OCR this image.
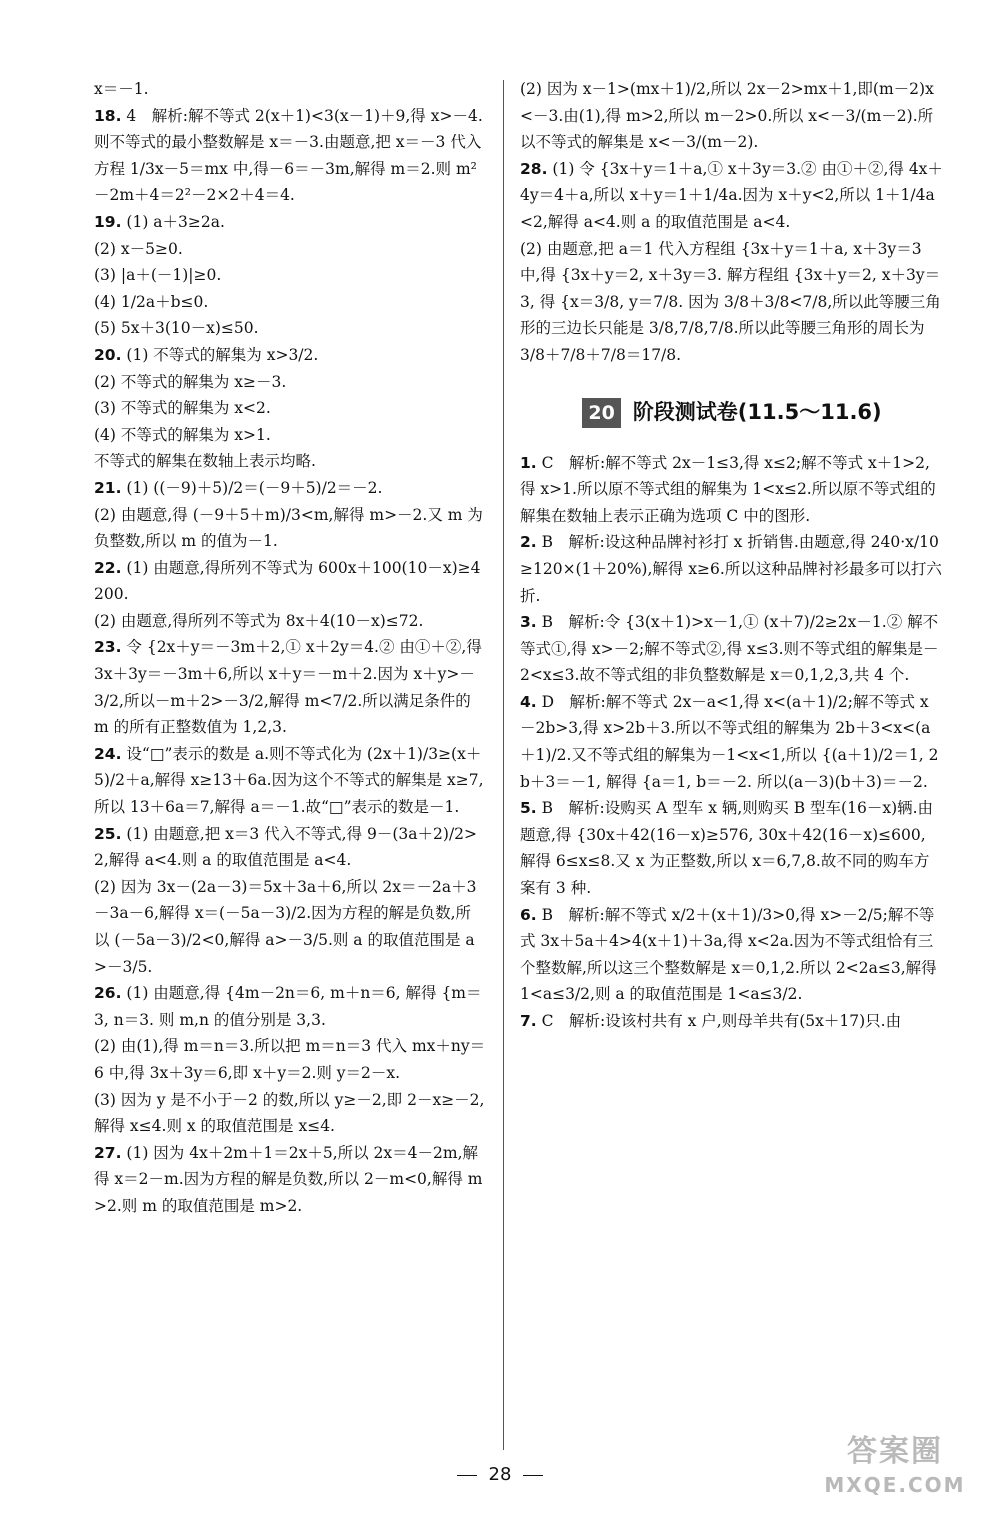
x＝－1.
18. 4　解析:解不等式 2(x＋1)<3(x－1)＋9,得 x>－4.则不等式的最小整数解是 x＝－3.由题意,把 x＝－3 代入方程 1/3x－5＝mx 中,得－6＝－3m,解得 m＝2.则 m²－2m＋4＝2²－2×2＋4＝4.
19. (1) a＋3≥2a.
(2) x－5≥0.
(3) |a＋(－1)|≥0.
(4) 1/2a＋b≤0.
(5) 5x＋3(10－x)≤50.
20. (1) 不等式的解集为 x>3/2.
(2) 不等式的解集为 x≥－3.
(3) 不等式的解集为 x<2.
(4) 不等式的解集为 x>1.
不等式的解集在数轴上表示均略.
21. (1) ((－9)＋5)/2＝(－9＋5)/2＝－2.
(2) 由题意,得 (－9＋5＋m)/3<m,解得 m>－2.又 m 为负整数,所以 m 的值为－1.
22. (1) 由题意,得所列不等式为 600x＋100(10－x)≥4 200.
(2) 由题意,得所列不等式为 8x＋4(10－x)≤72.
23. 令 {2x＋y＝－3m＋2,① x＋2y＝4.② 由①＋②,得 3x＋3y＝－3m＋6,所以 x＋y＝－m＋2.因为 x＋y>－3/2,所以－m＋2>－3/2,解得 m<7/2.所以满足条件的 m 的所有正整数值为 1,2,3.
24. 设“□”表示的数是 a.则不等式化为 (2x＋1)/3≥(x＋5)/2＋a,解得 x≥13＋6a.因为这个不等式的解集是 x≥7,所以 13＋6a＝7,解得 a＝－1.故“□”表示的数是－1.
25. (1) 由题意,把 x＝3 代入不等式,得 9－(3a＋2)/2>2,解得 a<4.则 a 的取值范围是 a<4.
(2) 因为 3x－(2a－3)＝5x＋3a＋6,所以 2x＝－2a＋3－3a－6,解得 x＝(－5a－3)/2.因为方程的解是负数,所以 (－5a－3)/2<0,解得 a>－3/5.则 a 的取值范围是 a>－3/5.
26. (1) 由题意,得 {4m－2n＝6, m＋n＝6, 解得 {m＝3, n＝3. 则 m,n 的值分别是 3,3.
(2) 由(1),得 m＝n＝3.所以把 m＝n＝3 代入 mx＋ny＝6 中,得 3x＋3y＝6,即 x＋y＝2.则 y＝2－x.
(3) 因为 y 是不小于－2 的数,所以 y≥－2,即 2－x≥－2,解得 x≤4.则 x 的取值范围是 x≤4.
27. (1) 因为 4x＋2m＋1＝2x＋5,所以 2x＝4－2m,解得 x＝2－m.因为方程的解是负数,所以 2－m<0,解得 m>2.则 m 的取值范围是 m>2.
(2) 因为 x－1>(mx＋1)/2,所以 2x－2>mx＋1,即(m－2)x<－3.由(1),得 m>2,所以 m－2>0.所以 x<－3/(m－2).所以不等式的解集是 x<－3/(m－2).
28. (1) 令 {3x＋y＝1＋a,① x＋3y＝3.② 由①＋②,得 4x＋4y＝4＋a,所以 x＋y＝1＋1/4a.因为 x＋y<2,所以 1＋1/4a<2,解得 a<4.则 a 的取值范围是 a<4.
(2) 由题意,把 a＝1 代入方程组 {3x＋y＝1＋a, x＋3y＝3 中,得 {3x＋y＝2, x＋3y＝3. 解方程组 {3x＋y＝2, x＋3y＝3, 得 {x＝3/8, y＝7/8. 因为 3/8＋3/8<7/8,所以此等腰三角形的三边长只能是 3/8,7/8,7/8.所以此等腰三角形的周长为 3/8＋7/8＋7/8＝17/8.
20 阶段测试卷(11.5～11.6)
1. C　解析:解不等式 2x－1≤3,得 x≤2;解不等式 x＋1>2,得 x>1.所以原不等式组的解集为 1<x≤2.所以原不等式组的解集在数轴上表示正确为选项 C 中的图形.
2. B　解析:设这种品牌衬衫打 x 折销售.由题意,得 240·x/10≥120×(1＋20%),解得 x≥6.所以这种品牌衬衫最多可以打六折.
3. B　解析:令 {3(x＋1)>x－1,① (x＋7)/2≥2x－1.② 解不等式①,得 x>－2;解不等式②,得 x≤3.则不等式组的解集是－2<x≤3.故不等式组的非负整数解是 x＝0,1,2,3,共 4 个.
4. D　解析:解不等式 2x－a<1,得 x<(a＋1)/2;解不等式 x－2b>3,得 x>2b＋3.所以不等式组的解集为 2b＋3<x<(a＋1)/2.又不等式组的解集为－1<x<1,所以 {(a＋1)/2＝1, 2b＋3＝－1, 解得 {a＝1, b＝－2. 所以(a－3)(b＋3)＝－2.
5. B　解析:设购买 A 型车 x 辆,则购买 B 型车(16－x)辆.由题意,得 {30x＋42(16－x)≥576, 30x＋42(16－x)≤600, 解得 6≤x≤8.又 x 为正整数,所以 x＝6,7,8.故不同的购车方案有 3 种.
6. B　解析:解不等式 x/2＋(x＋1)/3>0,得 x>－2/5;解不等式 3x＋5a＋4>4(x＋1)＋3a,得 x<2a.因为不等式组恰有三个整数解,所以这三个整数解是 x＝0,1,2.所以 2<2a≤3,解得 1<a≤3/2,则 a 的取值范围是 1<a≤3/2.
7. C　解析:设该村共有 x 户,则母羊共有(5x＋17)只.由
28
答案圈
MXQE.COM
